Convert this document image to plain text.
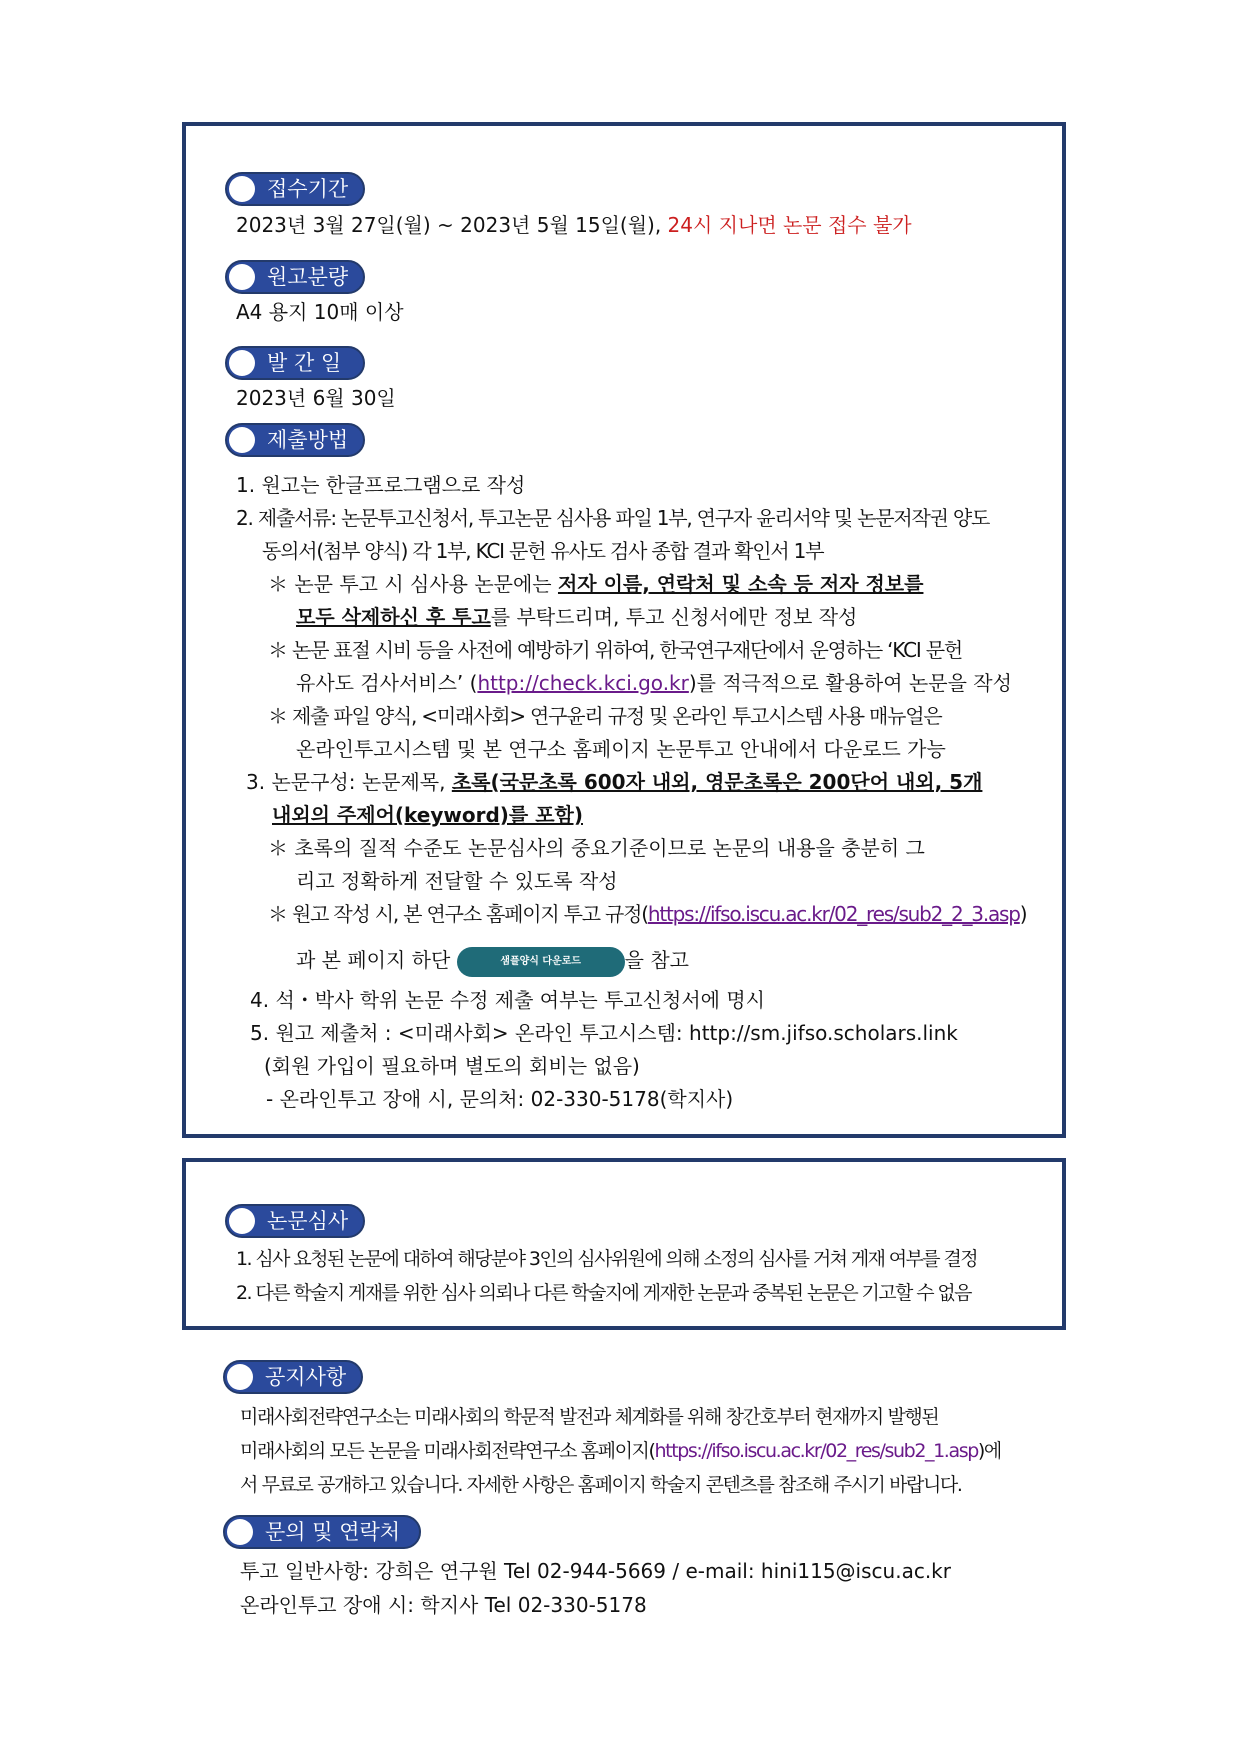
접수기간
2023년 3월 27일(월) ~ 2023년 5월 15일(월), 24시 지나면 논문 접수 불가
원고분량
A4 용지 10매 이상
발 간 일
2023년 6월 30일
제출방법
1. 원고는 한글프로그램으로 작성
2. 제출서류: 논문투고신청서, 투고논문 심사용 파일 1부, 연구자 윤리서약 및 논문저작권 양도
동의서(첨부 양식) 각 1부, KCI 문헌 유사도 검사 종합 결과 확인서 1부
＊ 논문 투고 시 심사용 논문에는 저자 이름, 연락처 및 소속 등 저자 정보를
모두 삭제하신 후 투고를 부탁드리며, 투고 신청서에만 정보 작성
＊ 논문 표절 시비 등을 사전에 예방하기 위하여, 한국연구재단에서 운영하는 ‘KCI 문헌
유사도 검사서비스’ (http://check.kci.go.kr)를 적극적으로 활용하여 논문을 작성
＊ 제출 파일 양식, <미래사회> 연구윤리 규정 및 온라인 투고시스템 사용 매뉴얼은
온라인투고시스템 및 본 연구소 홈페이지 논문투고 안내에서 다운로드 가능
3. 논문구성: 논문제목, 초록(국문초록 600자 내외, 영문초록은 200단어 내외, 5개
내외의 주제어(keyword)를 포함)
＊ 초록의 질적 수준도 논문심사의 중요기준이므로 논문의 내용을 충분히 그
리고 정확하게 전달할 수 있도록 작성
＊ 원고 작성 시, 본 연구소 홈페이지 투고 규정(https://ifso.iscu.ac.kr/02_res/sub2_2_3.asp)
과 본 페이지 하단	샘플양식 다운로드 을 참고
4. 석・박사 학위 논문 수정 제출 여부는 투고신청서에 명시
5. 원고 제출처 : <미래사회> 온라인 투고시스템: http://sm.jifso.scholars.link
(회원 가입이 필요하며 별도의 회비는 없음)
- 온라인투고 장애 시, 문의처: 02-330-5178(학지사)
논문심사
1. 심사 요청된 논문에 대하여 해당분야 3인의 심사위원에 의해 소정의 심사를 거쳐 게재 여부를 결정
2. 다른 학술지 게재를 위한 심사 의뢰나 다른 학술지에 게재한 논문과 중복된 논문은 기고할 수 없음
공지사항
미래사회전략연구소는 미래사회의 학문적 발전과 체계화를 위해 창간호부터 현재까지 발행된
미래사회의 모든 논문을 미래사회전략연구소 홈페이지(https://ifso.iscu.ac.kr/02_res/sub2_1.asp)에
서 무료로 공개하고 있습니다. 자세한 사항은 홈페이지 학술지 콘텐츠를 참조해 주시기 바랍니다.
문의 및 연락처
투고 일반사항: 강희은 연구원 Tel 02-944-5669 / e-mail: hini115@iscu.ac.kr
온라인투고 장애 시: 학지사 Tel 02-330-5178
